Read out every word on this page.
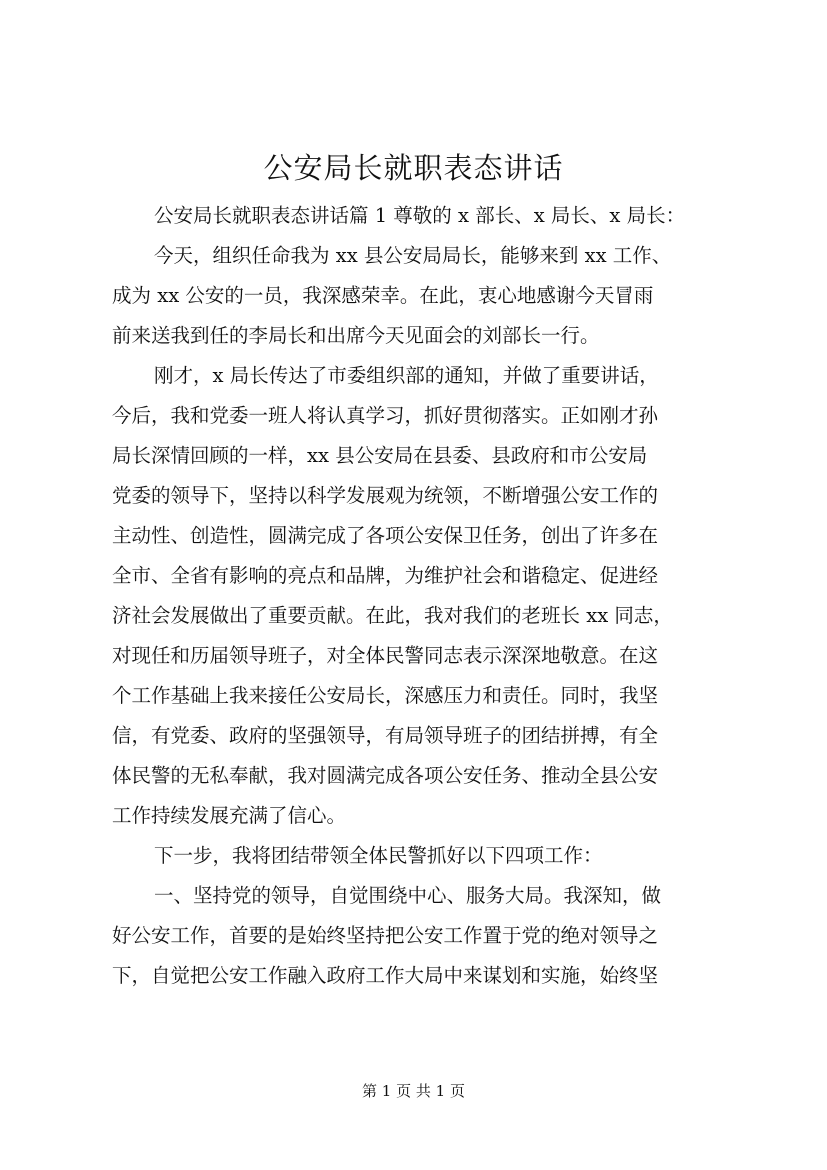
公安局长就职表态讲话
公安局长就职表态讲话篇 1 尊敬的 x 部长、x 局长、x 局长：
今天，组织任命我为 xx 县公安局局长，能够来到 xx 工作、
成为 xx 公安的一员，我深感荣幸。在此，衷心地感谢今天冒雨
前来送我到任的李局长和出席今天见面会的刘部长一行。
刚才，x 局长传达了市委组织部的通知，并做了重要讲话，
今后，我和党委一班人将认真学习，抓好贯彻落实。正如刚才孙
局长深情回顾的一样，xx 县公安局在县委、县政府和市公安局
党委的领导下，坚持以科学发展观为统领，不断增强公安工作的
主动性、创造性，圆满完成了各项公安保卫任务，创出了许多在
全市、全省有影响的亮点和品牌，为维护社会和谐稳定、促进经
济社会发展做出了重要贡献。在此，我对我们的老班长 xx 同志，
对现任和历届领导班子，对全体民警同志表示深深地敬意。在这
个工作基础上我来接任公安局长，深感压力和责任。同时，我坚
信，有党委、政府的坚强领导，有局领导班子的团结拼搏，有全
体民警的无私奉献，我对圆满完成各项公安任务、推动全县公安
工作持续发展充满了信心。
下一步，我将团结带领全体民警抓好以下四项工作：
一、坚持党的领导，自觉围绕中心、服务大局。我深知，做
好公安工作，首要的是始终坚持把公安工作置于党的绝对领导之
下，自觉把公安工作融入政府工作大局中来谋划和实施，始终坚
第 1 页 共 1 页
